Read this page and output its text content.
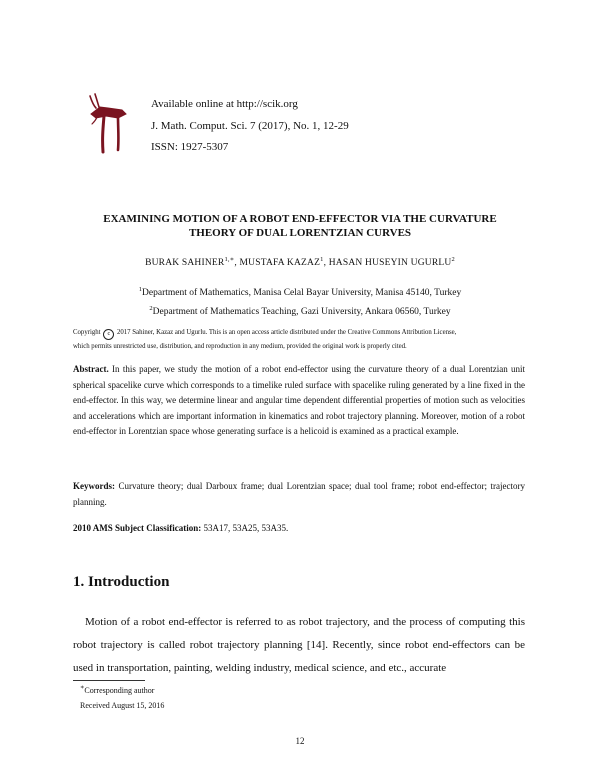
Available online at http://scik.org
J. Math. Comput. Sci. 7 (2017), No. 1, 12-29
ISSN: 1927-5307
EXAMINING MOTION OF A ROBOT END-EFFECTOR VIA THE CURVATURE
THEORY OF DUAL LORENTZIAN CURVES
BURAK $SAHINER^{1,∗}$, MUSTAFA KAZAZ$^1$, HASAN HUSEYIN UGURLU$^2$
$^1$Department of Mathematics, Manisa Celal Bayar University, Manisa 45140, Turkey
$^2$Department of Mathematics Teaching, Gazi University, Ankara 06560, Turkey
Copyright c 2017 Sahiner, Kazaz and Ugurlu. This is an open access article distributed under the Creative Commons Attribution License,
which permits unrestricted use, distribution, and reproduction in any medium, provided the original work is properly cited.
Abstract. In this paper, we study the motion of a robot end-effector using the curvature theory of a dual Lorentzian unit spherical spacelike curve which corresponds to a timelike ruled surface with spacelike ruling generated by a line fixed in the end-effector. In this way, we determine linear and angular time dependent differential properties of motion such as velocities and accelerations which are important information in kinematics and robot trajectory planning. Moreover, motion of a robot end-effector in Lorentzian space whose generating surface is a helicoid is examined as a practical example.
Keywords: Curvature theory; dual Darboux frame; dual Lorentzian space; dual tool frame; robot end-effector; trajectory planning.
2010 AMS Subject Classification: 53A17, 53A25, 53A35.
1. Introduction
Motion of a robot end-effector is referred to as robot trajectory, and the process of computing this robot trajectory is called robot trajectory planning [14]. Recently, since robot end-effectors can be used in transportation, painting, welding industry, medical science, and etc., accurate
∗Corresponding author
Received August 15, 2016
12
